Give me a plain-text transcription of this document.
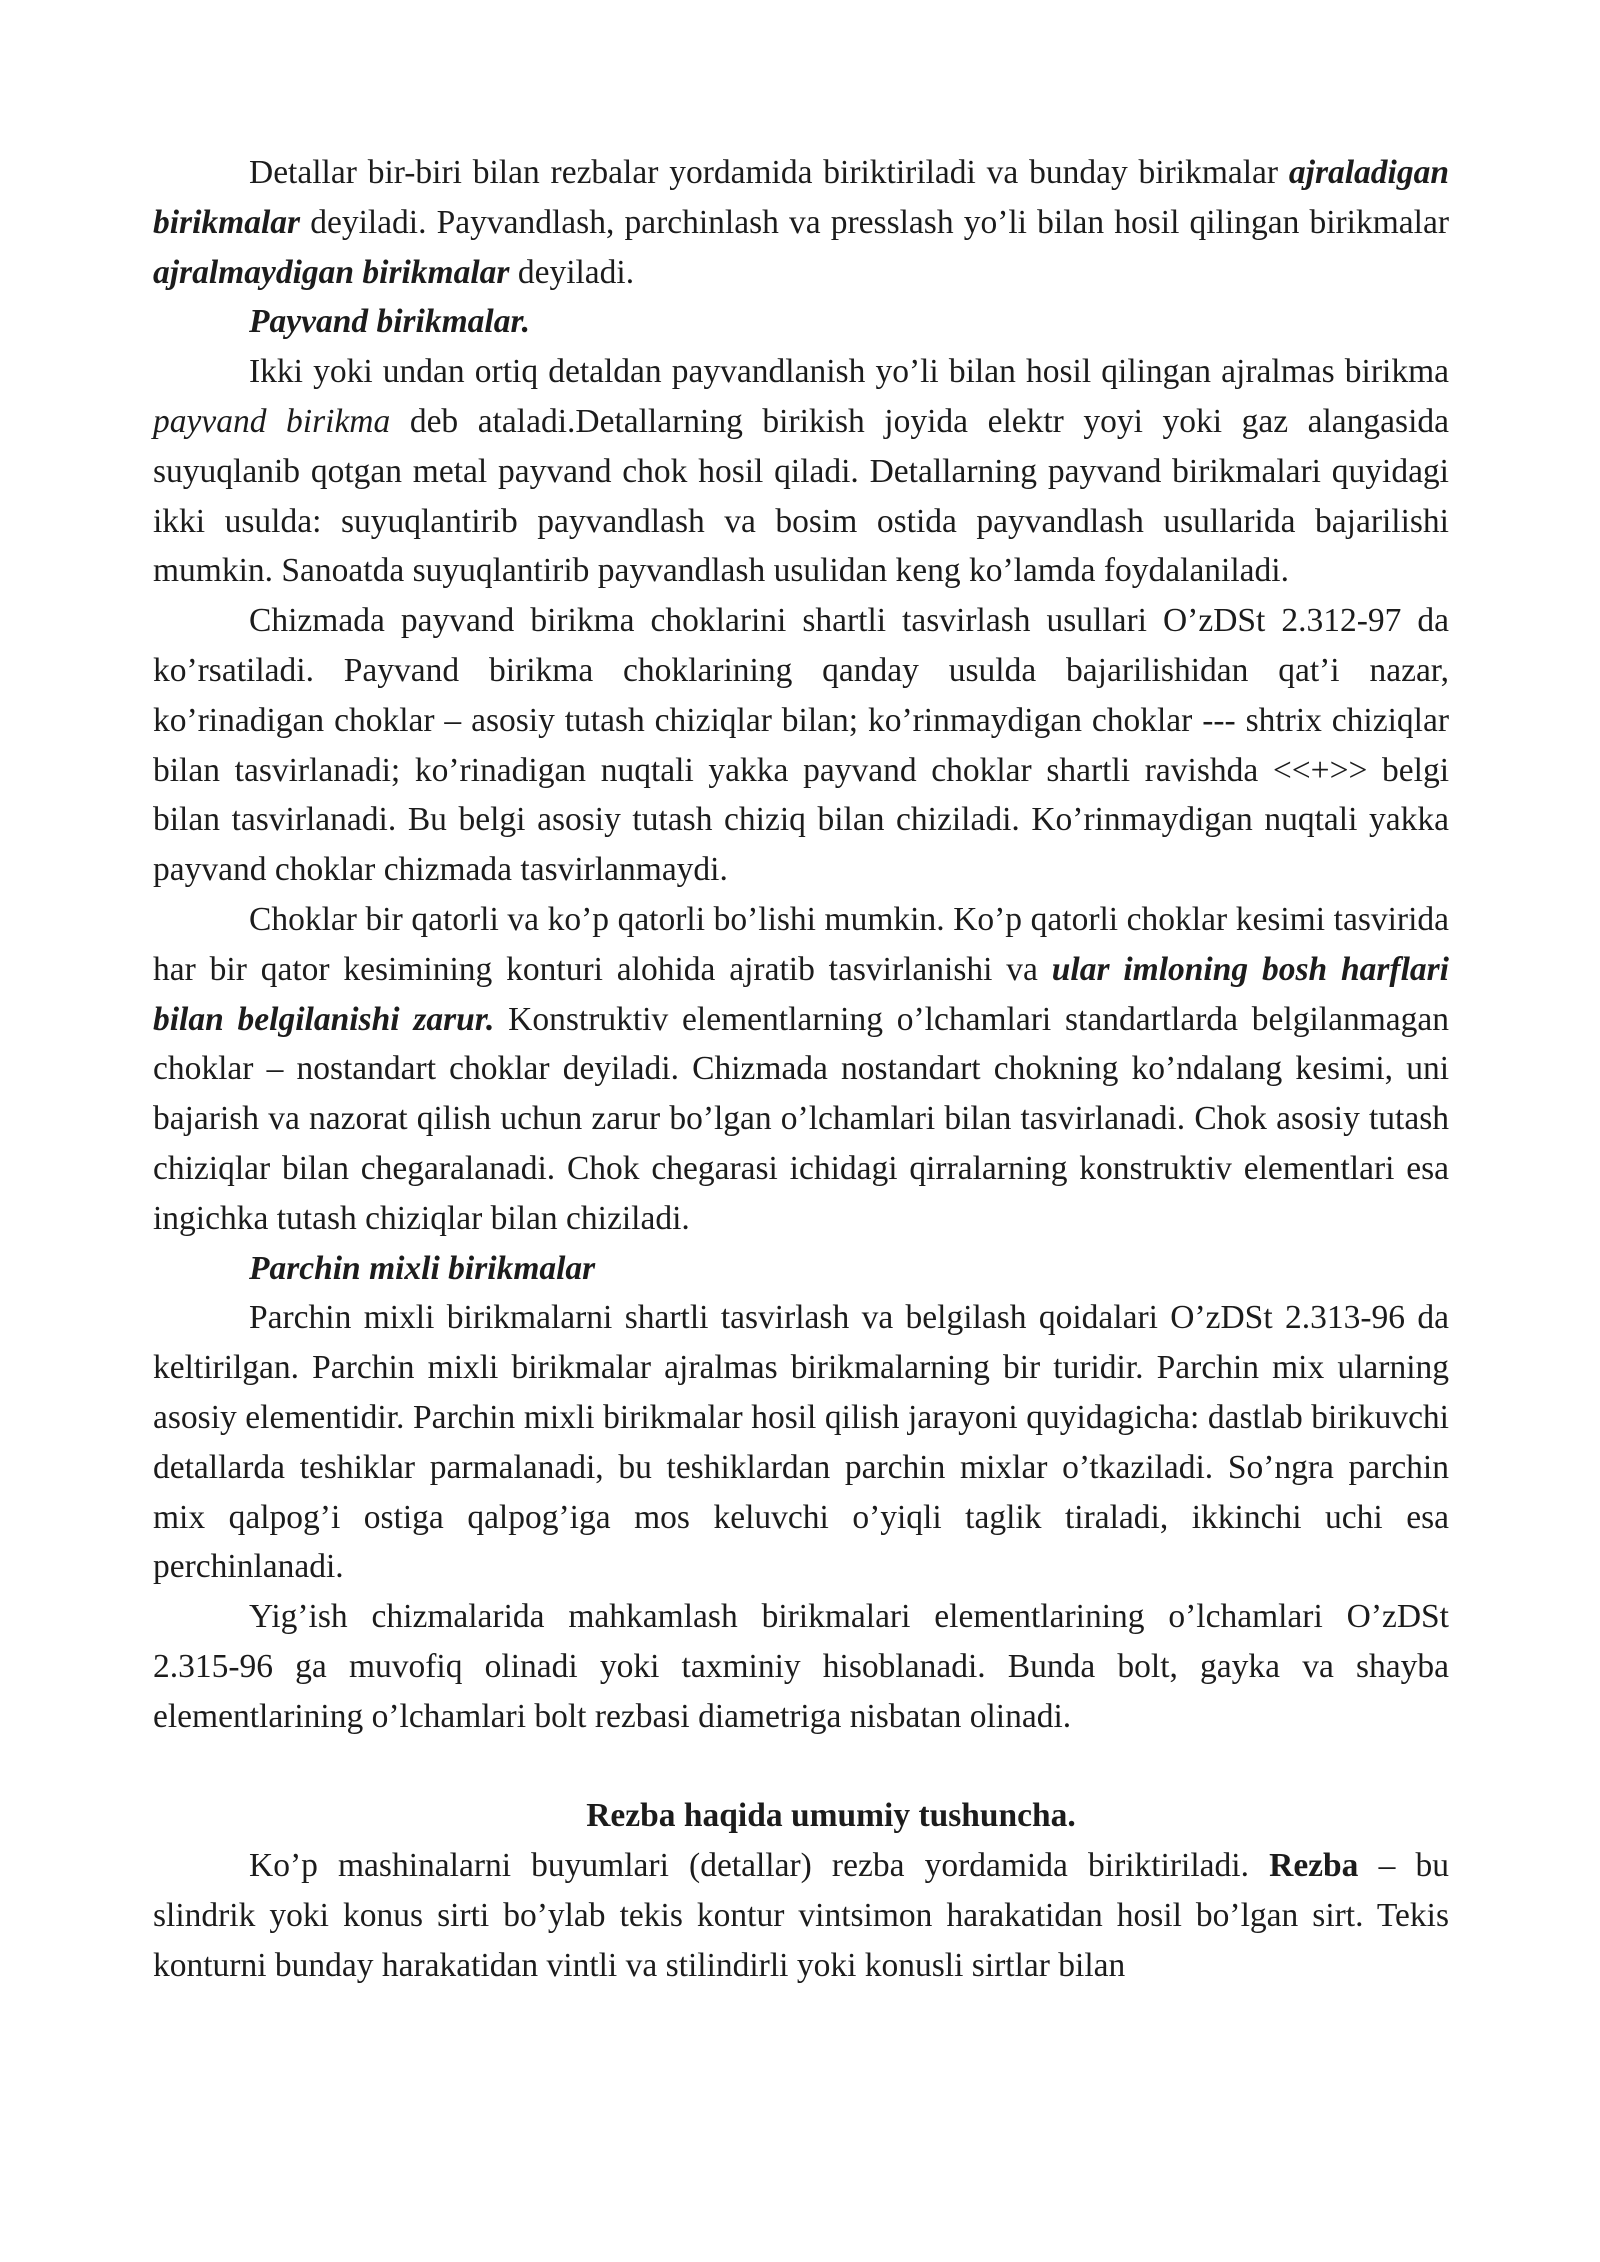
Detallar bir-biri bilan rezbalar yordamida biriktiriladi va bunday birikmalar ajraladigan birikmalar deyiladi. Payvandlash, parchinlash va presslash yo’li bilan hosil qilingan birikmalar ajralmaydigan birikmalar deyiladi.

Payvand birikmalar.

Ikki yoki undan ortiq detaldan payvandlanish yo’li bilan hosil qilingan ajralmas birikma payvand birikma deb ataladi.Detallarning birikish joyida elektr yoyi yoki gaz alangasida suyuqlanib qotgan metal payvand chok hosil qiladi. Detallarning payvand birikmalari quyidagi ikki usulda: suyuqlantirib payvandlash va bosim ostida payvandlash usullarida bajarilishi mumkin. Sanoatda suyuqlantirib payvandlash usulidan keng ko’lamda foydalaniladi.

Chizmada payvand birikma choklarini shartli tasvirlash usullari O’zDSt 2.312-97 da ko’rsatiladi. Payvand birikma choklarining qanday usulda bajarilishidan qat’i nazar, ko’rinadigan choklar – asosiy tutash chiziqlar bilan; ko’rinmaydigan choklar --- shtrix chiziqlar bilan tasvirlanadi; ko’rinadigan nuqtali yakka payvand choklar shartli ravishda <<+>> belgi bilan tasvirlanadi. Bu belgi asosiy tutash chiziq bilan chiziladi. Ko’rinmaydigan nuqtali yakka payvand choklar chizmada tasvirlanmaydi.

Choklar bir qatorli va ko’p qatorli bo’lishi mumkin. Ko’p qatorli choklar kesimi tasvirida har bir qator kesimining konturi alohida ajratib tasvirlanishi va ular imloning bosh harflari bilan belgilanishi zarur. Konstruktiv elementlarning o’lchamlari standartlarda belgilanmagan choklar – nostandart choklar deyiladi. Chizmada nostandart chokning ko’ndalang kesimi, uni bajarish va nazorat qilish uchun zarur bo’lgan o’lchamlari bilan tasvirlanadi. Chok asosiy tutash chiziqlar bilan chegaralanadi. Chok chegarasi ichidagi qirralarning konstruktiv elementlari esa ingichka tutash chiziqlar bilan chiziladi.

Parchin mixli birikmalar

Parchin mixli birikmalarni shartli tasvirlash va belgilash qoidalari O’zDSt 2.313-96 da keltirilgan. Parchin mixli birikmalar ajralmas birikmalarning bir turidir. Parchin mix ularning asosiy elementidir. Parchin mixli birikmalar hosil qilish jarayoni quyidagicha: dastlab birikuvchi detallarda teshiklar parmalanadi, bu teshiklardan parchin mixlar o’tkaziladi. So’ngra parchin mix qalpog’i ostiga qalpog’iga mos keluvchi o’yiqli taglik tiraladi, ikkinchi uchi esa perchinlanadi.

Yig’ish chizmalarida mahkamlash birikmalari elementlarining o’lchamlari O’zDSt 2.315-96 ga muvofiq olinadi yoki taxminiy hisoblanadi. Bunda bolt, gayka va shayba elementlarining o’lchamlari bolt rezbasi diametriga nisbatan olinadi.

Rezba haqida umumiy tushuncha.

Ko’p mashinalarni buyumlari (detallar) rezba yordamida biriktiriladi. Rezba – bu slindrik yoki konus sirti bo’ylab tekis kontur vintsimon harakatidan hosil bo’lgan sirt. Tekis konturni bunday harakatidan vintli va stilindirli yoki konusli sirtlar bilan
